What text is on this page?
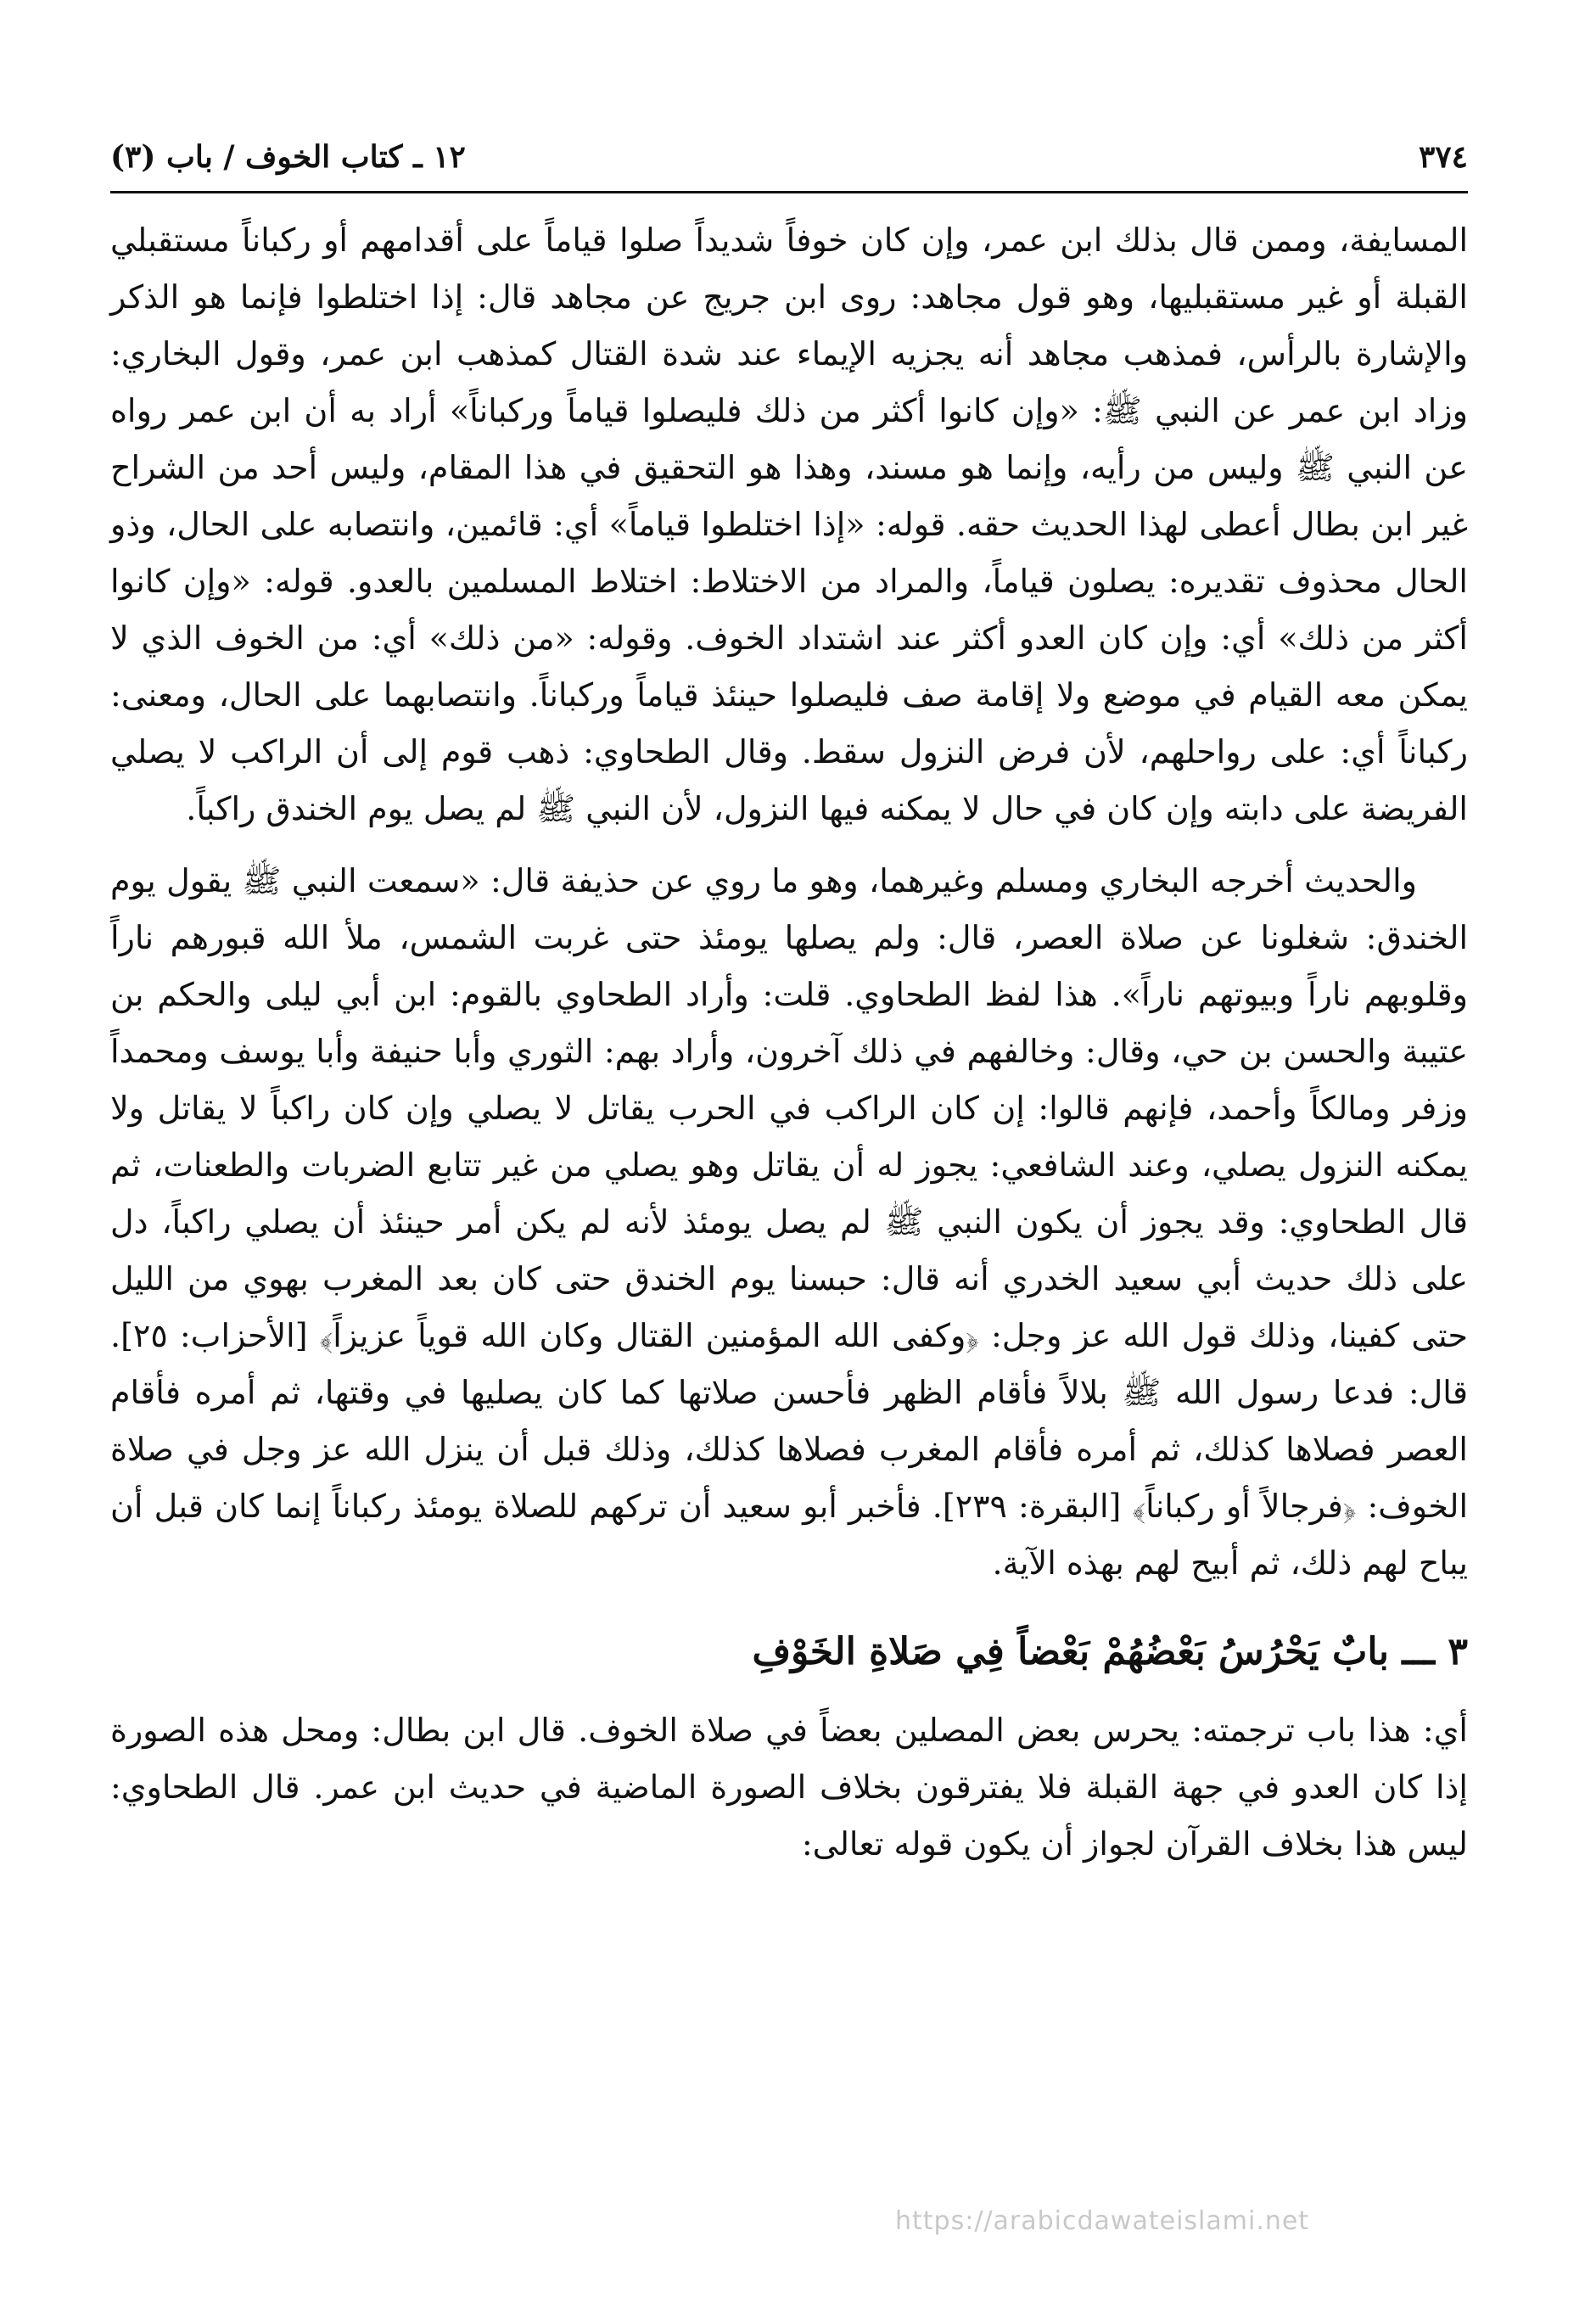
٣٧٤
١٢ ـ كتاب الخوف / باب (٣)

المسايفة، وممن قال بذلك ابن عمر، وإن كان خوفاً شديداً صلوا قياماً على أقدامهم أو ركباناً مستقبلي القبلة أو غير مستقبليها، وهو قول مجاهد: روى ابن جريج عن مجاهد قال: إذا اختلطوا فإنما هو الذكر والإشارة بالرأس، فمذهب مجاهد أنه يجزيه الإيماء عند شدة القتال كمذهب ابن عمر، وقول البخاري: وزاد ابن عمر عن النبي ﷺ: «وإن كانوا أكثر من ذلك فليصلوا قياماً وركباناً» أراد به أن ابن عمر رواه عن النبي ﷺ وليس من رأيه، وإنما هو مسند، وهذا هو التحقيق في هذا المقام، وليس أحد من الشراح غير ابن بطال أعطى لهذا الحديث حقه. قوله: «إذا اختلطوا قياماً» أي: قائمين، وانتصابه على الحال، وذو الحال محذوف تقديره: يصلون قياماً، والمراد من الاختلاط: اختلاط المسلمين بالعدو. قوله: «وإن كانوا أكثر من ذلك» أي: وإن كان العدو أكثر عند اشتداد الخوف. وقوله: «من ذلك» أي: من الخوف الذي لا يمكن معه القيام في موضع ولا إقامة صف فليصلوا حينئذ قياماً وركباناً. وانتصابهما على الحال، ومعنى: ركباناً أي: على رواحلهم، لأن فرض النزول سقط. وقال الطحاوي: ذهب قوم إلى أن الراكب لا يصلي الفريضة على دابته وإن كان في حال لا يمكنه فيها النزول، لأن النبي ﷺ لم يصل يوم الخندق راكباً.

والحديث أخرجه البخاري ومسلم وغيرهما، وهو ما روي عن حذيفة قال: «سمعت النبي ﷺ يقول يوم الخندق: شغلونا عن صلاة العصر، قال: ولم يصلها يومئذ حتى غربت الشمس، ملأ الله قبورهم ناراً وقلوبهم ناراً وبيوتهم ناراً». هذا لفظ الطحاوي. قلت: وأراد الطحاوي بالقوم: ابن أبي ليلى والحكم بن عتيبة والحسن بن حي، وقال: وخالفهم في ذلك آخرون، وأراد بهم: الثوري وأبا حنيفة وأبا يوسف ومحمداً وزفر ومالكاً وأحمد، فإنهم قالوا: إن كان الراكب في الحرب يقاتل لا يصلي وإن كان راكباً لا يقاتل ولا يمكنه النزول يصلي، وعند الشافعي: يجوز له أن يقاتل وهو يصلي من غير تتابع الضربات والطعنات، ثم قال الطحاوي: وقد يجوز أن يكون النبي ﷺ لم يصل يومئذ لأنه لم يكن أمر حينئذ أن يصلي راكباً، دل على ذلك حديث أبي سعيد الخدري أنه قال: حبسنا يوم الخندق حتى كان بعد المغرب بهوي من الليل حتى كفينا، وذلك قول الله عز وجل: ﴿وكفى الله المؤمنين القتال وكان الله قوياً عزيزاً﴾ [الأحزاب: ٢٥]. قال: فدعا رسول الله ﷺ بلالاً فأقام الظهر فأحسن صلاتها كما كان يصليها في وقتها، ثم أمره فأقام العصر فصلاها كذلك، ثم أمره فأقام المغرب فصلاها كذلك، وذلك قبل أن ينزل الله عز وجل في صلاة الخوف: ﴿فرجالاً أو ركباناً﴾ [البقرة: ٢٣٩]. فأخبر أبو سعيد أن تركهم للصلاة يومئذ ركباناً إنما كان قبل أن يباح لهم ذلك، ثم أبيح لهم بهذه الآية.

٣ ـــ بابٌ يَحْرُسُ بَعْضُهُمْ بَعْضاً فِي صَلاةِ الخَوْفِ

أي: هذا باب ترجمته: يحرس بعض المصلين بعضاً في صلاة الخوف. قال ابن بطال: ومحل هذه الصورة إذا كان العدو في جهة القبلة فلا يفترقون بخلاف الصورة الماضية في حديث ابن عمر. قال الطحاوي: ليس هذا بخلاف القرآن لجواز أن يكون قوله تعالى:

https://arabicdawateislami.net
